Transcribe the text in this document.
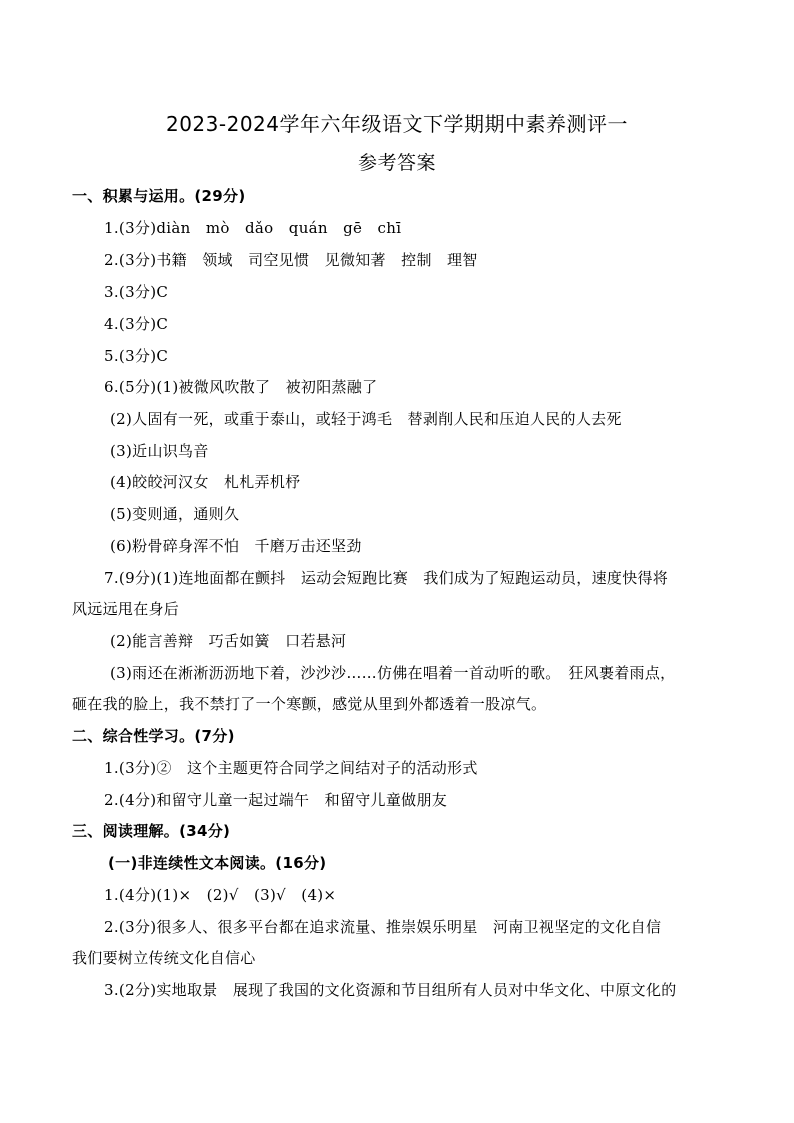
2023-2024学年六年级语文下学期期中素养测评一
参考答案
一、积累与运用。(29分)
1.(3分)diàn　mò　dǎo　quán　gē　chī
2.(3分)书籍　领域　司空见惯　见微知著　控制　理智
3.(3分)C
4.(3分)C
5.(3分)C
6.(5分)(1)被微风吹散了　被初阳蒸融了
(2)人固有一死，或重于泰山，或轻于鸿毛　替剥削人民和压迫人民的人去死
(3)近山识鸟音
(4)皎皎河汉女　札札弄机杼
(5)变则通，通则久
(6)粉骨碎身浑不怕　千磨万击还坚劲
7.(9分)(1)连地面都在颤抖　运动会短跑比赛　我们成为了短跑运动员，速度快得将
风远远甩在身后
(2)能言善辩　巧舌如簧　口若悬河
(3)雨还在淅淅沥沥地下着，沙沙沙……仿佛在唱着一首动听的歌。　狂风裹着雨点，
砸在我的脸上，我不禁打了一个寒颤，感觉从里到外都透着一股凉气。
二、综合性学习。(7分)
1.(3分)②　这个主题更符合同学之间结对子的活动形式
2.(4分)和留守儿童一起过端午　和留守儿童做朋友
三、阅读理解。(34分)
(一)非连续性文本阅读。(16分)
1.(4分)(1)×　(2)√　(3)√　(4)×
2.(3分)很多人、很多平台都在追求流量、推崇娱乐明星　河南卫视坚定的文化自信
我们要树立传统文化自信心
3.(2分)实地取景　展现了我国的文化资源和节目组所有人员对中华文化、中原文化的
